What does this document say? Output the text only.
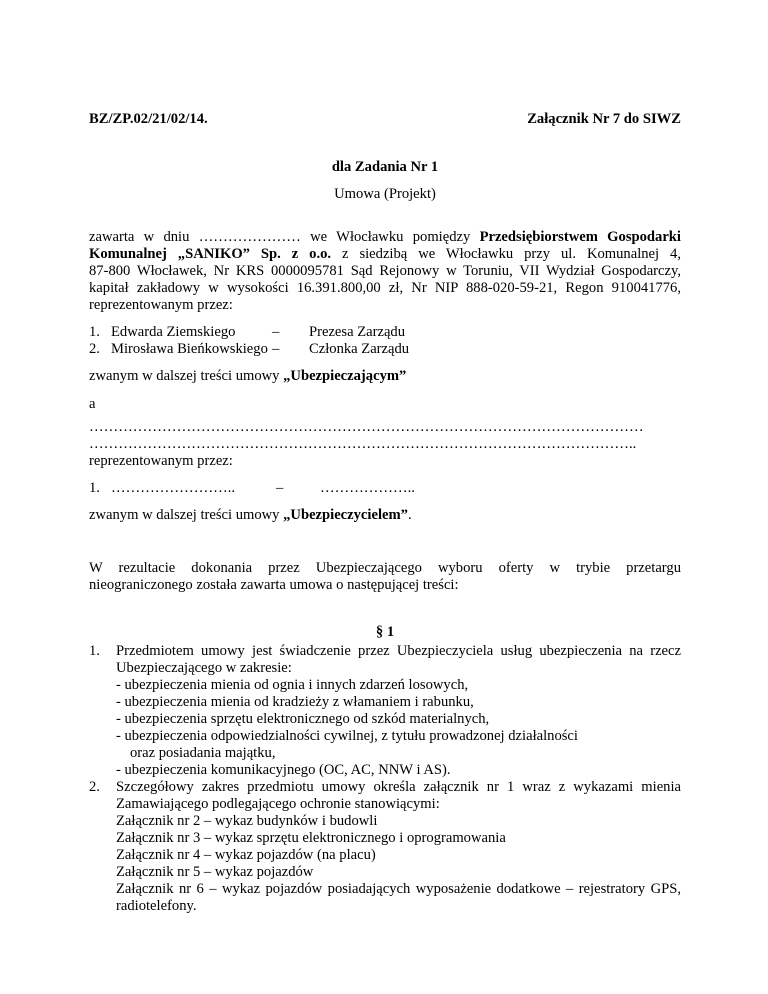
BZ/ZP.02/21/02/14.	Załącznik Nr 7 do SIWZ
dla Zadania Nr 1
Umowa (Projekt)
zawarta w dniu ………………… we Włocławku pomiędzy Przedsiębiorstwem Gospodarki
Komunalnej „SANIKO” Sp. z o.o. z siedzibą we Włocławku przy ul. Komunalnej 4,
87-800 Włocławek, Nr KRS 0000095781 Sąd Rejonowy w Toruniu, VII Wydział Gospodarczy,
kapitał zakładowy w wysokości 16.391.800,00 zł, Nr NIP 888-020-59-21, Regon 910041776,
reprezentowanym przez:
1. Edwarda Ziemskiego	– Prezesa Zarządu
2. Mirosława Bieńkowskiego – Członka Zarządu
zwanym w dalszej treści umowy „Ubezpieczającym”
a
……………………………………………………………………………………………………
…………………………………………………………………………………………………..
reprezentowanym przez:
1. ……………………..	–	………………..
zwanym w dalszej treści umowy „Ubezpieczycielem”.
W rezultacie dokonania przez Ubezpieczającego wyboru oferty w trybie przetargu
nieograniczonego została zawarta umowa o następującej treści:
§ 1
1. Przedmiotem umowy jest świadczenie przez Ubezpieczyciela usług ubezpieczenia na rzecz
Ubezpieczającego w zakresie:
- ubezpieczenia mienia od ognia i innych zdarzeń losowych,
- ubezpieczenia mienia od kradzieży z włamaniem i rabunku,
- ubezpieczenia sprzętu elektronicznego od szkód materialnych,
- ubezpieczenia odpowiedzialności cywilnej, z tytułu prowadzonej działalności
oraz posiadania majątku,
- ubezpieczenia komunikacyjnego (OC, AC, NNW i AS).
2. Szczegółowy zakres przedmiotu umowy określa załącznik nr 1 wraz z wykazami mienia
Zamawiającego podlegającego ochronie stanowiącymi:
Załącznik nr 2 – wykaz budynków i budowli
Załącznik nr 3 – wykaz sprzętu elektronicznego i oprogramowania
Załącznik nr 4 – wykaz pojazdów (na placu)
Załącznik nr 5 – wykaz pojazdów
Załącznik nr 6 – wykaz pojazdów posiadających wyposażenie dodatkowe – rejestratory GPS,
radiotelefony.
